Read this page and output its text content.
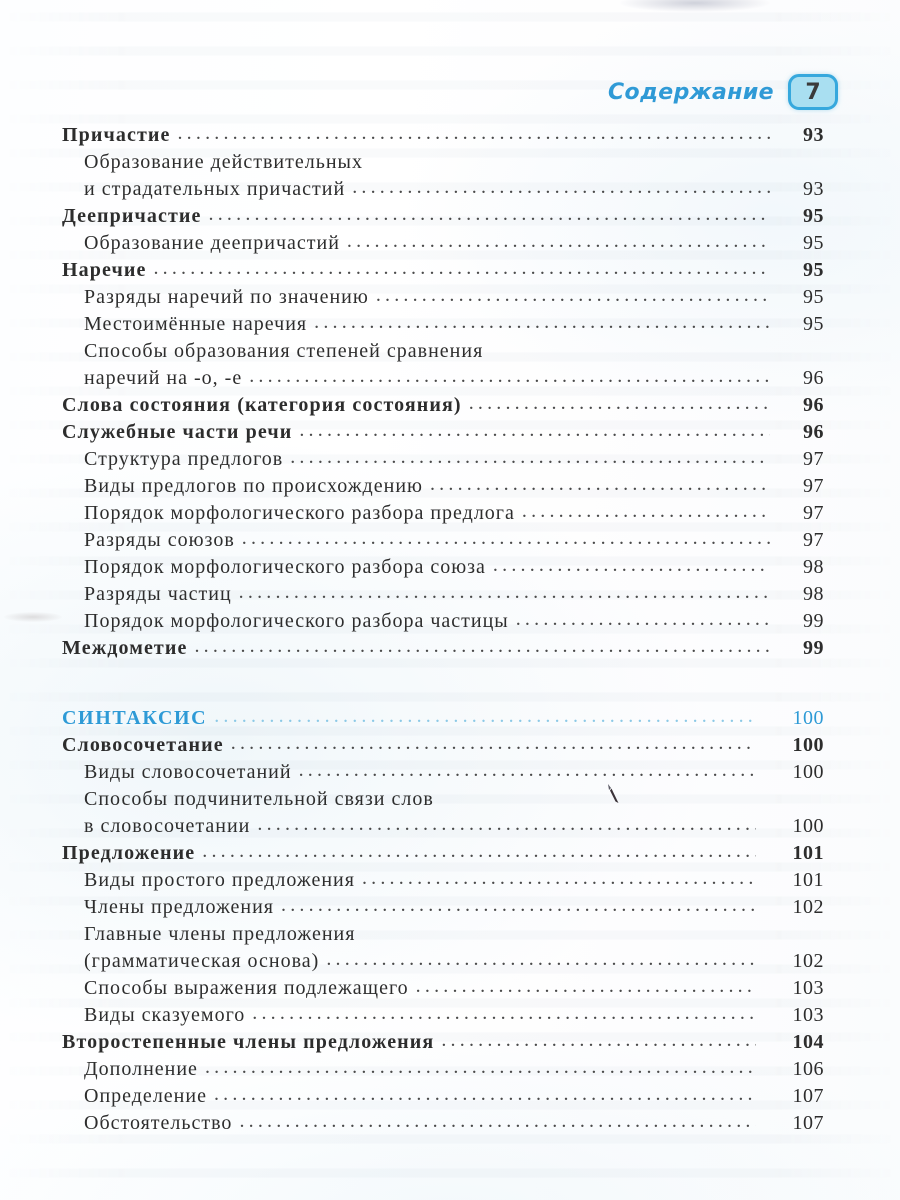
Содержание	7
Причастие .....	93
Образование действительных
и страдательных причастий .....	93
Деепричастие .....	95
Образование деепричастий .....	95
Наречие .....	95
Разряды наречий по значению .....	95
Местоимённые наречия .....	95
Способы образования степеней сравнения
наречий на -о, -е .....	96
Слова состояния (категория состояния) .....	96
Служебные части речи .....	96
Структура предлогов .....	97
Виды предлогов по происхождению .....	97
Порядок морфологического разбора предлога .....	97
Разряды союзов .....	97
Порядок морфологического разбора союза .....	98
Разряды частиц .....	98
Порядок морфологического разбора частицы .....	99
Междометие .....	99
СИНТАКСИС .....	100
Словосочетание .....	100
Виды словосочетаний .....	100
Способы подчинительной связи слов
в словосочетании .....	100
Предложение .....	101
Виды простого предложения .....	101
Члены предложения .....	102
Главные члены предложения
(грамматическая основа) .....	102
Способы выражения подлежащего .....	103
Виды сказуемого .....	103
Второстепенные члены предложения .....	104
Дополнение .....	106
Определение .....	107
Обстоятельство .....	107
